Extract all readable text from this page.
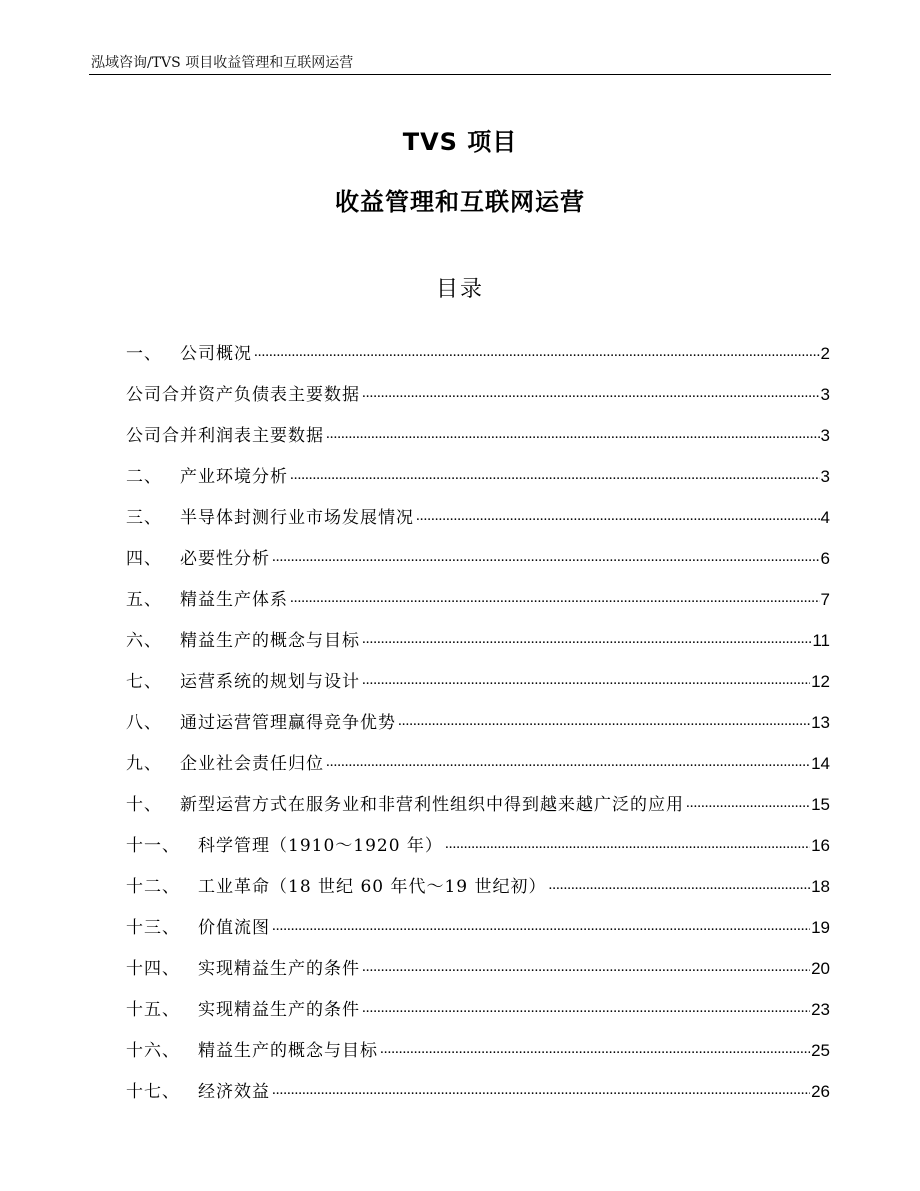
泓域咨询/TVS 项目收益管理和互联网运营
TVS 项目
收益管理和互联网运营
目录
一、 公司概况 .....	2
公司合并资产负债表主要数据 .....	3
公司合并利润表主要数据 .....	3
二、 产业环境分析 .....	3
三、 半导体封测行业市场发展情况 .....	4
四、 必要性分析 .....	6
五、 精益生产体系 .....	7
六、 精益生产的概念与目标 .....	11
七、 运营系统的规划与设计 .....	12
八、 通过运营管理赢得竞争优势 .....	13
九、 企业社会责任归位 .....	14
十、 新型运营方式在服务业和非营利性组织中得到越来越广泛的应用 .....	15
十一、 科学管理（1910～1920 年） .....	16
十二、 工业革命（18 世纪 60 年代～19 世纪初） .....	18
十三、 价值流图 .....	19
十四、 实现精益生产的条件 .....	20
十五、 实现精益生产的条件 .....	23
十六、 精益生产的概念与目标 .....	25
十七、 经济效益 .....	26
